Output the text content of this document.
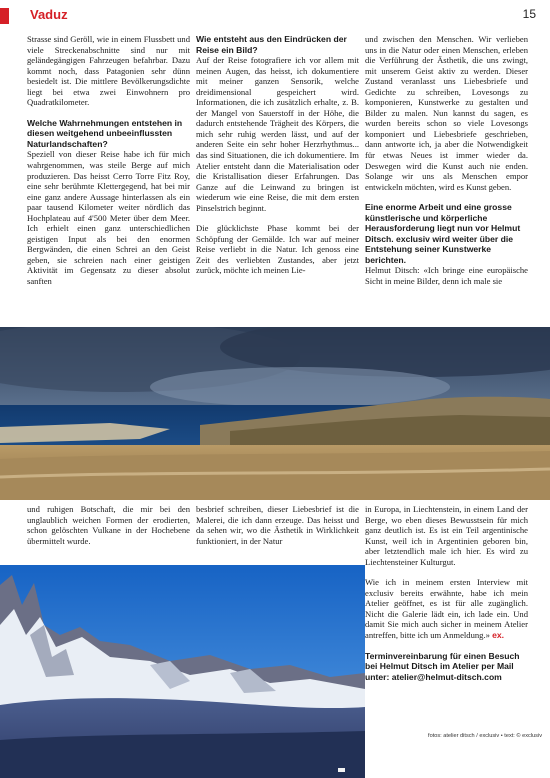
Vaduz	15

Strasse sind Geröll, wie in einem Flussbett und viele Streckenabschnitte sind nur mit geländegängigen Fahrzeugen befahrbar. Dazu kommt noch, dass Patagonien sehr dünn besiedelt ist. Die mittlere Bevölkerungsdichte liegt bei etwa zwei Einwohnern pro Quadratkilometer.

Welche Wahrnehmungen entstehen in diesen weitgehend unbeeinflussten Naturlandschaften?

Speziell von dieser Reise habe ich für mich wahrgenommen, was steile Berge auf mich produzieren. Das heisst Cerro Torre Fitz Roy, eine sehr berühmte Klettergegend, hat bei mir eine ganz andere Aussage hinterlassen als ein paar tausend Kilometer weiter nördlich das Hochplateau auf 4'500 Meter über dem Meer. Ich erhielt einen ganz unterschiedlichen geistigen Input als bei den enormen Bergwänden, die einen Schrei an den Geist geben, sie schreien nach einer geistigen Aktivität im Gegensatz zu dieser absolut sanften

Wie entsteht aus den Eindrücken der Reise ein Bild?

Auf der Reise fotografiere ich vor allem mit meinen Augen, das heisst, ich dokumentiere mit meiner ganzen Sensorik, welche dreidimensional gespeichert wird. Informationen, die ich zusätzlich erhalte, z. B. der Mangel von Sauerstoff in der Höhe, die dadurch entstehende Trägheit des Körpers, die mich sehr ruhig werden lässt, und auf der anderen Seite ein sehr hoher Herzrhythmus... das sind Situationen, die ich dokumentiere. Im Atelier entsteht dann die Materialisation oder die Kristallisation dieser Erfahrungen. Das Ganze auf die Leinwand zu bringen ist wiederum wie eine Reise, die mit dem ersten Pinselstrich beginnt.

Die glücklichste Phase kommt bei der Schöpfung der Gemälde. Ich war auf meiner Reise verliebt in die Natur. Ich genoss eine Zeit des verliebten Zustandes, aber jetzt zurück, möchte ich meinen Lie-

und zwischen den Menschen. Wir verlieben uns in die Natur oder einen Menschen, erleben die Verführung der Ästhetik, die uns zwingt, mit unserem Geist aktiv zu werden. Dieser Zustand veranlasst uns Liebesbriefe und Gedichte zu schreiben, Lovesongs zu komponieren, Kunstwerke zu gestalten und Bilder zu malen. Nun kannst du sagen, es wurden bereits schon so viele Lovesongs komponiert und Liebesbriefe geschrieben, dann antworte ich, ja aber die Notwendigkeit für etwas Neues ist immer wieder da. Deswegen wird die Kunst auch nie enden. Solange wir uns als Menschen empor entwickeln möchten, wird es Kunst geben.

Eine enorme Arbeit und eine grosse künstlerische und körperliche Herausforderung liegt nun vor Helmut Ditsch. exclusiv wird weiter über die Entstehung seiner Kunstwerke berichten.

Helmut Ditsch: «Ich bringe eine europäische Sicht in meine Bilder, denn ich male sie

und ruhigen Botschaft, die mir bei den unglaublich weichen Formen der erodierten, schon gelöschten Vulkane in der Hochebene übermittelt wurde.

besbrief schreiben, dieser Liebesbrief ist die Malerei, die ich dann erzeuge. Das heisst und da sehen wir, wo die Ästhetik in Wirklichkeit funktioniert, in der Natur

in Europa, in Liechtenstein, in einem Land der Berge, wo eben dieses Bewusstsein für mich ganz deutlich ist. Es ist ein Teil argentinische Kunst, weil ich in Argentinien geboren bin, aber letztendlich male ich hier. Es wird zu Liechtensteiner Kulturgut.

Wie ich in meinem ersten Interview mit exclusiv bereits erwähnte, habe ich mein Atelier geöffnet, es ist für alle zugänglich. Nicht die Galerie lädt ein, ich lade ein. Und damit Sie mich auch sicher in meinem Atelier antreffen, bitte ich um Anmeldung.» ex.

Terminvereinbarung für einen Besuch bei Helmut Ditsch im Atelier per Mail unter: atelier@helmut-ditsch.com

fotos: atelier ditsch / exclusiv • text: © exclusiv
